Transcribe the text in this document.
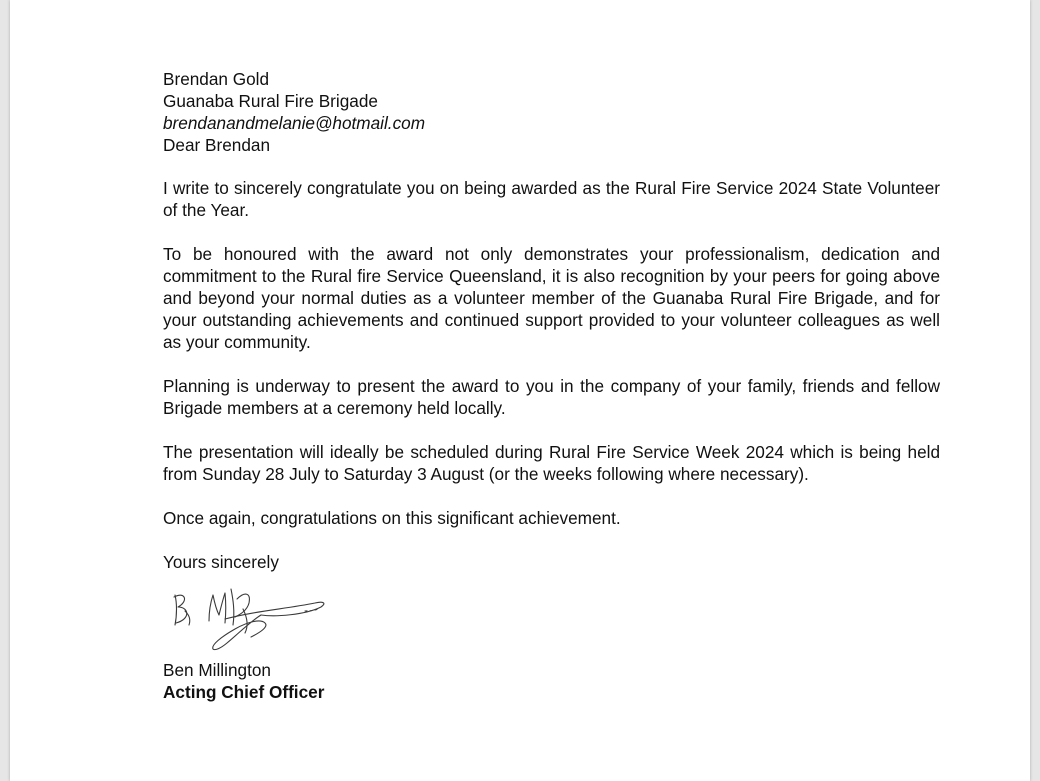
Brendan Gold
Guanaba Rural Fire Brigade
brendanandmelanie@hotmail.com

Dear Brendan

I write to sincerely congratulate you on being awarded as the Rural Fire Service 2024 State Volunteer of the Year.

To be honoured with the award not only demonstrates your professionalism, dedication and commitment to the Rural fire Service Queensland, it is also recognition by your peers for going above and beyond your normal duties as a volunteer member of the Guanaba Rural Fire Brigade, and for your outstanding achievements and continued support provided to your volunteer colleagues as well as your community.

Planning is underway to present the award to you in the company of your family, friends and fellow Brigade members at a ceremony held locally.

The presentation will ideally be scheduled during Rural Fire Service Week 2024 which is being held from Sunday 28 July to Saturday 3 August (or the weeks following where necessary).

Once again, congratulations on this significant achievement.

Yours sincerely

Ben Millington
Acting Chief Officer
